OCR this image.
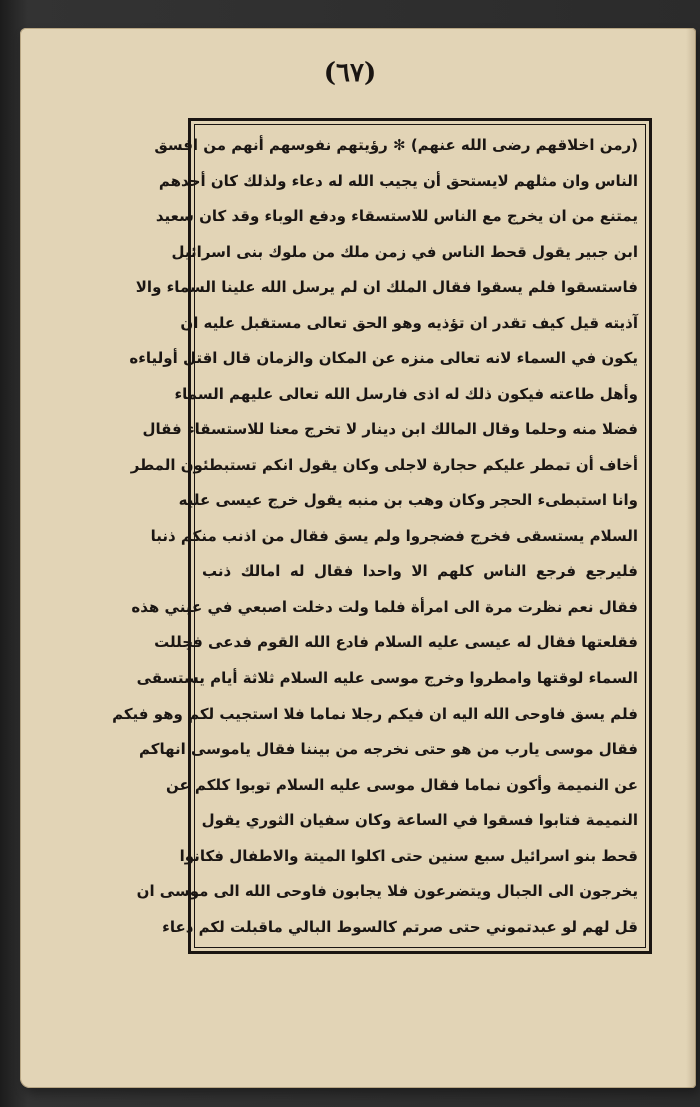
(٦٧)
(رمن اخلاقهم رضى الله عنهم) ✻ رؤيتهم نفوسهم أنهم من افسق
الناس وان مثلهم لايستحق أن يجيب الله له دعاء ولذلك كان أحدهم
يمتنع من ان يخرج مع الناس للاستسقاء ودفع الوباء وقد كان سعيد
ابن جبير يقول قحط الناس في زمن ملك من ملوك بنى اسرائيل
فاستسقوا فلم يسقوا فقال الملك ان لم يرسل الله علينا السماء والا
آذيته قيل كيف تقدر ان تؤذيه وهو الحق تعالى مستقبل عليه ان
يكون في السماء لانه تعالى منزه عن المكان والزمان قال اقتل أولياءه
وأهل طاعته فيكون ذلك له اذى فارسل الله تعالى عليهم السماء
فضلا منه وحلما وقال المالك ابن دينار لا تخرج معنا للاستسقاء فقال
أخاف أن تمطر عليكم حجارة لاجلى وكان يقول انكم تستبطئون المطر
وانا استبطىء الحجر وكان وهب بن منبه يقول خرج عيسى عليه
السلام يستسقى فخرج فضجروا ولم يسق فقال من اذنب منكم ذنبا
فليرجع فرجع الناس كلهم الا واحدا فقال له امالك ذنب
فقال نعم نظرت مرة الى امرأة فلما ولت دخلت اصبعي في عيني هذه
فقلعتها فقال له عيسى عليه السلام فادع الله القوم فدعى فجللت
السماء لوقتها وامطروا وخرج موسى عليه السلام ثلاثة أيام يستسقى
فلم يسق فاوحى الله اليه ان فيكم رجلا نماما فلا استجيب لكم وهو فيكم
فقال موسى يارب من هو حتى نخرجه من بيننا فقال ياموسى انهاكم
عن النميمة وأكون نماما فقال موسى عليه السلام توبوا كلكم عن
النميمة فتابوا فسقوا في الساعة وكان سفيان الثوري يقول
قحط بنو اسرائيل سبع سنين حتى اكلوا الميتة والاطفال فكانوا
يخرجون الى الجبال ويتضرعون فلا يجابون فاوحى الله الى موسى ان
قل لهم لو عبدتموني حتى صرتم كالسوط البالي ماقبلت لكم دعاء
